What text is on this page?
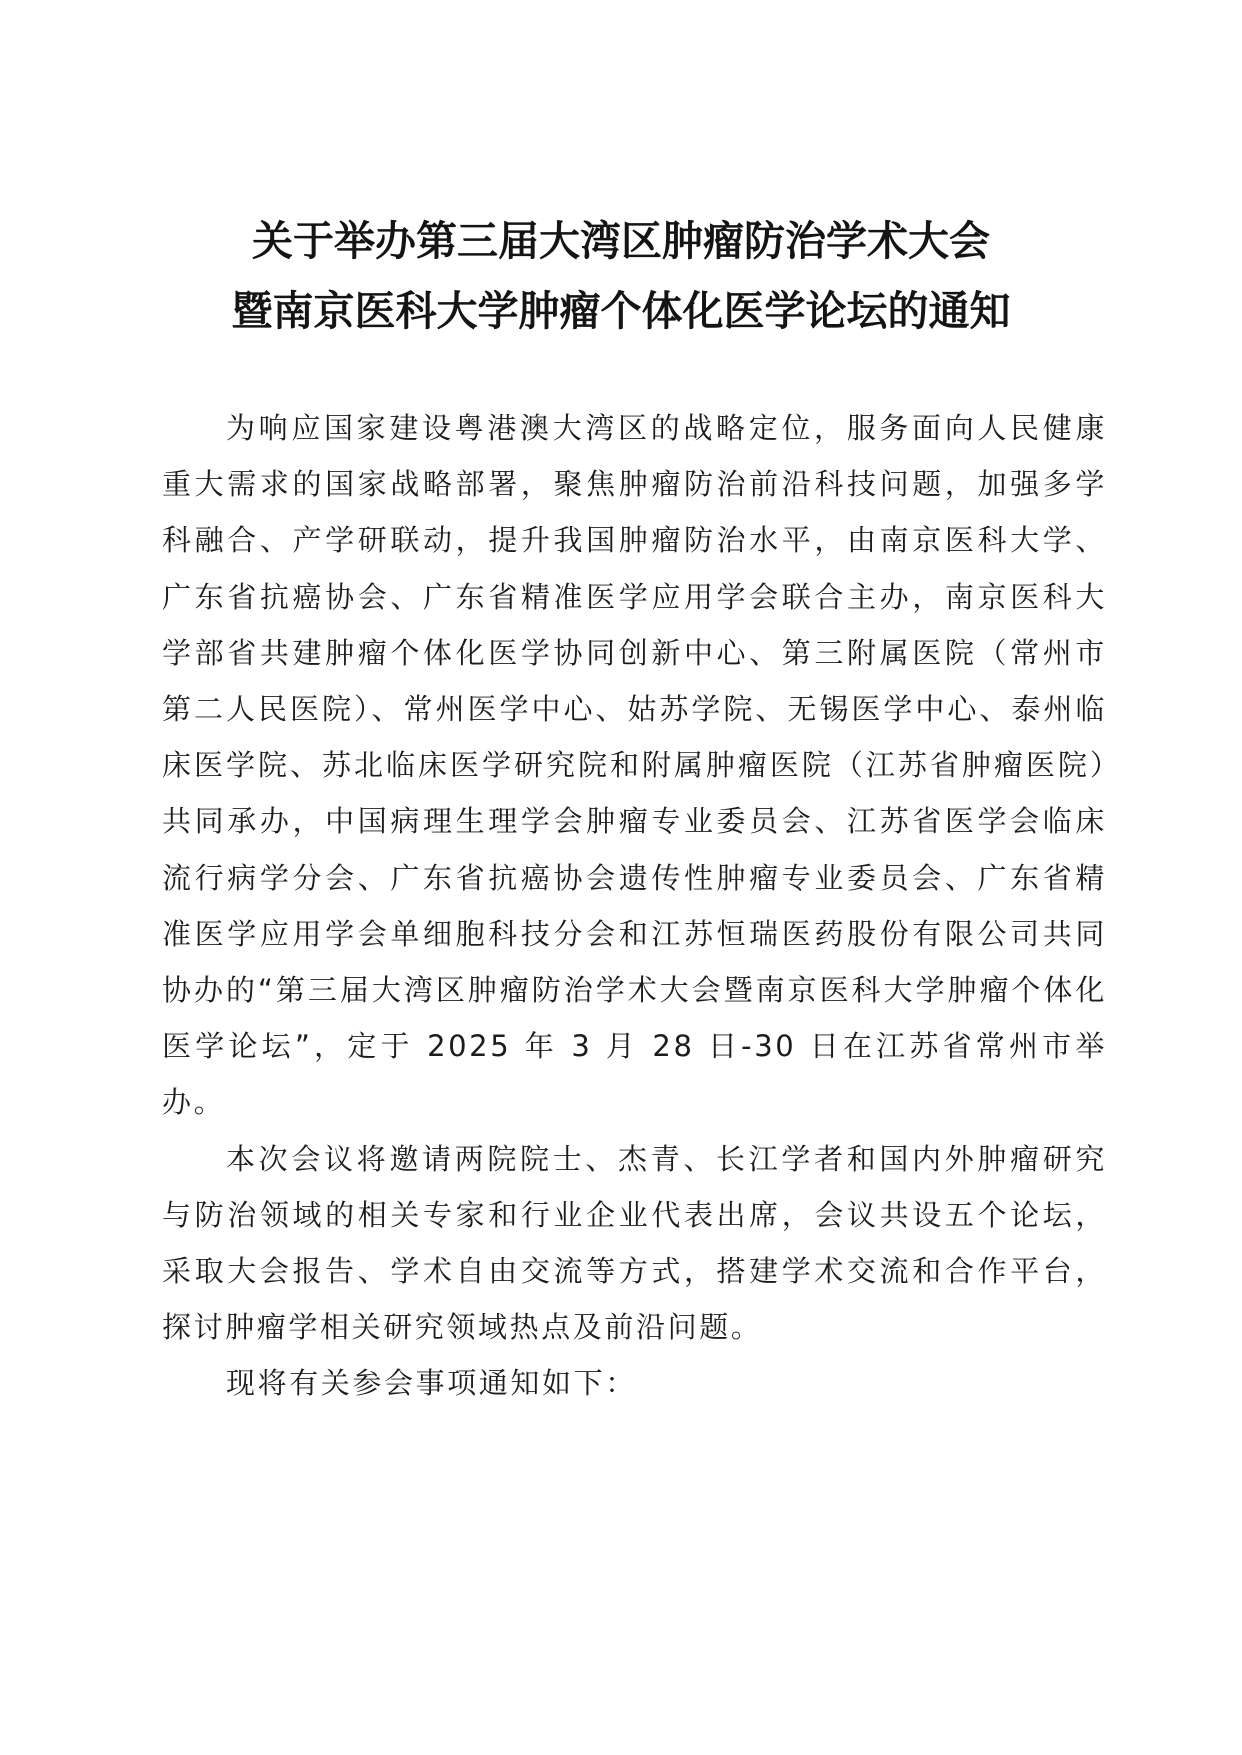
关于举办第三届大湾区肿瘤防治学术大会
暨南京医科大学肿瘤个体化医学论坛的通知

为响应国家建设粤港澳大湾区的战略定位，服务面向人民健康重大需求的国家战略部署，聚焦肿瘤防治前沿科技问题，加强多学科融合、产学研联动，提升我国肿瘤防治水平，由南京医科大学、广东省抗癌协会、广东省精准医学应用学会联合主办，南京医科大学部省共建肿瘤个体化医学协同创新中心、第三附属医院（常州市第二人民医院）、常州医学中心、姑苏学院、无锡医学中心、泰州临床医学院、苏北临床医学研究院和附属肿瘤医院（江苏省肿瘤医院）共同承办，中国病理生理学会肿瘤专业委员会、江苏省医学会临床流行病学分会、广东省抗癌协会遗传性肿瘤专业委员会、广东省精准医学应用学会单细胞科技分会和江苏恒瑞医药股份有限公司共同协办的“第三届大湾区肿瘤防治学术大会暨南京医科大学肿瘤个体化医学论坛”，定于 2025 年 3 月 28 日-30 日在江苏省常州市举办。

本次会议将邀请两院院士、杰青、长江学者和国内外肿瘤研究与防治领域的相关专家和行业企业代表出席，会议共设五个论坛，采取大会报告、学术自由交流等方式，搭建学术交流和合作平台，探讨肿瘤学相关研究领域热点及前沿问题。

现将有关参会事项通知如下：
